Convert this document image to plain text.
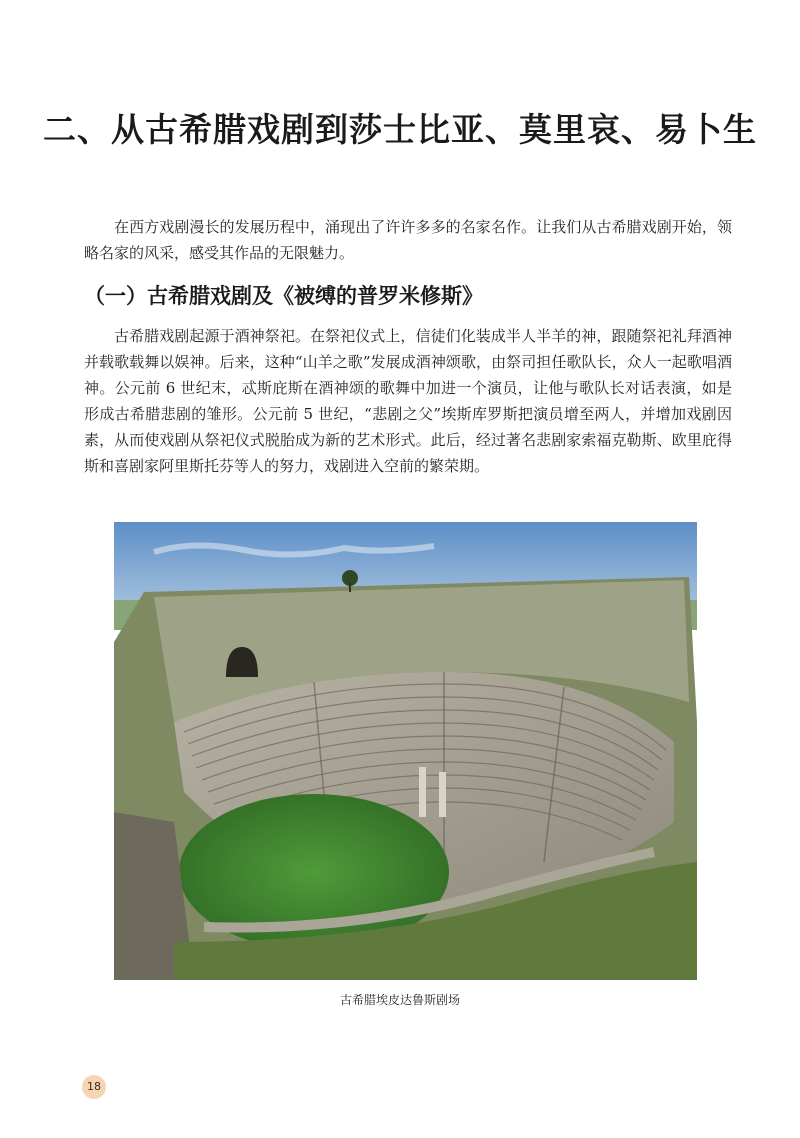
二、从古希腊戏剧到莎士比亚、莫里哀、易卜生

在西方戏剧漫长的发展历程中，涌现出了许许多多的名家名作。让我们从古希腊戏剧开始，领略名家的风采，感受其作品的无限魅力。

（一）古希腊戏剧及《被缚的普罗米修斯》

古希腊戏剧起源于酒神祭祀。在祭祀仪式上，信徒们化装成半人半羊的神，跟随祭祀礼拜酒神并载歌载舞以娱神。后来，这种“山羊之歌”发展成酒神颂歌，由祭司担任歌队长，众人一起歌唱酒神。公元前 6 世纪末，忒斯庇斯在酒神颂的歌舞中加进一个演员，让他与歌队长对话表演，如是形成古希腊悲剧的雏形。公元前 5 世纪，“悲剧之父”埃斯库罗斯把演员增至两人，并增加戏剧因素，从而使戏剧从祭祀仪式脱胎成为新的艺术形式。此后，经过著名悲剧家索福克勒斯、欧里庇得斯和喜剧家阿里斯托芬等人的努力，戏剧进入空前的繁荣期。

古希腊埃皮达鲁斯剧场

18
